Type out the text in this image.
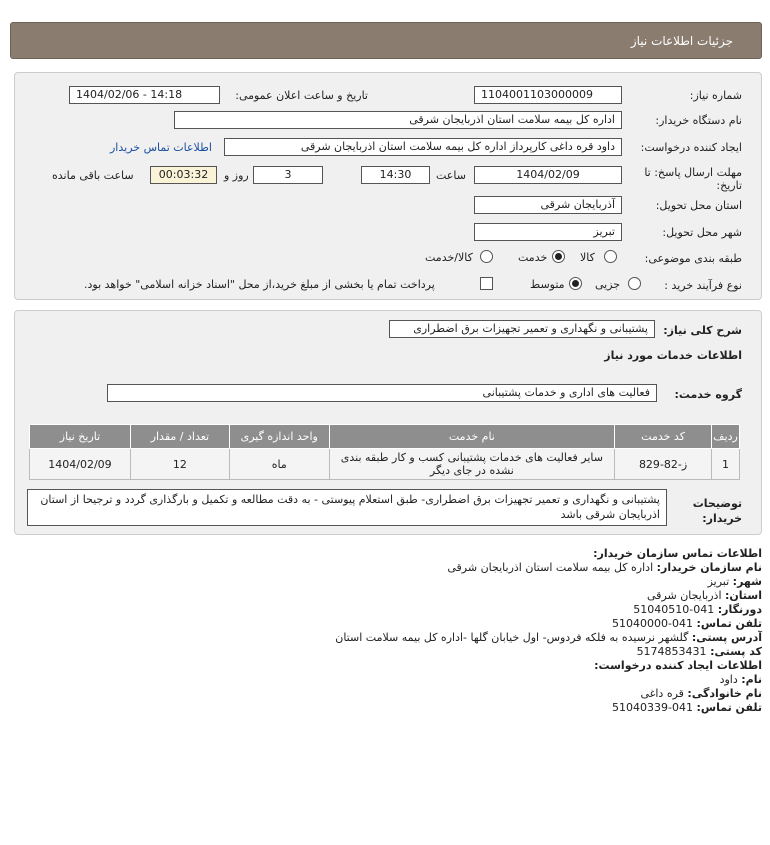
جزئیات اطلاعات نیاز
شماره نیاز:
1104001103000009
تاریخ و ساعت اعلان عمومی:
1404/02/06 - 14:18
نام دستگاه خریدار:
اداره کل بیمه سلامت استان اذربایجان شرقی
ایجاد کننده درخواست:
داود قره داغی کارپرداز اداره کل بیمه سلامت استان اذربایجان شرقی
اطلاعات تماس خریدار
مهلت ارسال پاسخ: تا تاریخ:
1404/02/09
ساعت
14:30
3
روز و
00:03:32
ساعت باقی مانده
استان محل تحویل:
آذربایجان شرقی
شهر محل تحویل:
تبریز
طبقه بندی موضوعی:
کالا
خدمت
کالا/خدمت
نوع فرآیند خرید :
جزیی
متوسط
پرداخت تمام یا بخشی از مبلغ خرید،از محل "اسناد خزانه اسلامی" خواهد بود.
شرح کلی نیاز:
پشتیبانی و نگهداری و تعمیر تجهیزات برق اضطراری
اطلاعات خدمات مورد نیاز
گروه خدمت:
فعالیت های اداری و خدمات پشتیبانی
ردیف	کد خدمت	نام خدمت	واحد اندازه گیری	تعداد / مقدار	تاریخ نیاز
1	ز-82-829	سایر فعالیت های خدمات پشتیبانی کسب و کار طبقه بندی نشده در جای دیگر	ماه	12	1404/02/09
توضیحات خریدار:
پشتیبانی و نگهداری و تعمیر تجهیزات برق اضطراری- طبق استعلام پیوستی - به دقت مطالعه و تکمیل و بارگذاری گردد و ترجیحا از استان اذربایجان شرقی باشد
اطلاعات تماس سازمان خریدار:
نام سازمان خریدار: اداره کل بیمه سلامت استان اذربایجان شرقی
شهر: تبریز
استان: اذربایجان شرقی
دورنگار: 041-51040510
تلفن تماس: 041-51040000
آدرس پستی: گلشهر نرسیده به فلکه فردوس- اول خیابان گلها -اداره کل بیمه سلامت استان
کد پستی: 5174853431
اطلاعات ایجاد کننده درخواست:
نام: داود
نام خانوادگی: قره داغی
تلفن تماس: 041-51040339
